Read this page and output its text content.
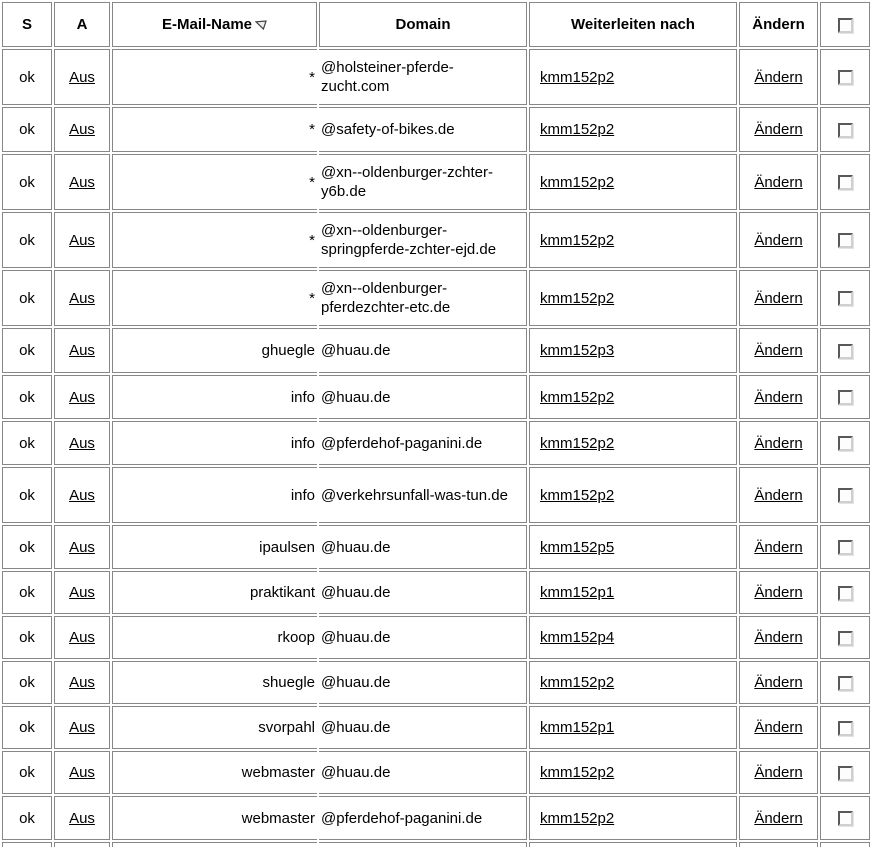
S	A	E-Mail-Name	Domain	Weiterleiten nach	Ändern	
ok	Aus	*	@holsteiner-pferde-zucht.com	kmm152p2	Ändern	
ok	Aus	*	@safety-of-bikes.de	kmm152p2	Ändern	
ok	Aus	*	@xn--oldenburger-zchter-y6b.de	kmm152p2	Ändern	
ok	Aus	*	@xn--oldenburger-springpferde-zchter-ejd.de	kmm152p2	Ändern	
ok	Aus	*	@xn--oldenburger-pferdezchter-etc.de	kmm152p2	Ändern	
ok	Aus	ghuegle	@huau.de	kmm152p3	Ändern	
ok	Aus	info	@huau.de	kmm152p2	Ändern	
ok	Aus	info	@pferdehof-paganini.de	kmm152p2	Ändern	
ok	Aus	info	@verkehrsunfall-was-tun.de	kmm152p2	Ändern	
ok	Aus	ipaulsen	@huau.de	kmm152p5	Ändern	
ok	Aus	praktikant	@huau.de	kmm152p1	Ändern	
ok	Aus	rkoop	@huau.de	kmm152p4	Ändern	
ok	Aus	shuegle	@huau.de	kmm152p2	Ändern	
ok	Aus	svorpahl	@huau.de	kmm152p1	Ändern	
ok	Aus	webmaster	@huau.de	kmm152p2	Ändern	
ok	Aus	webmaster	@pferdehof-paganini.de	kmm152p2	Ändern	
